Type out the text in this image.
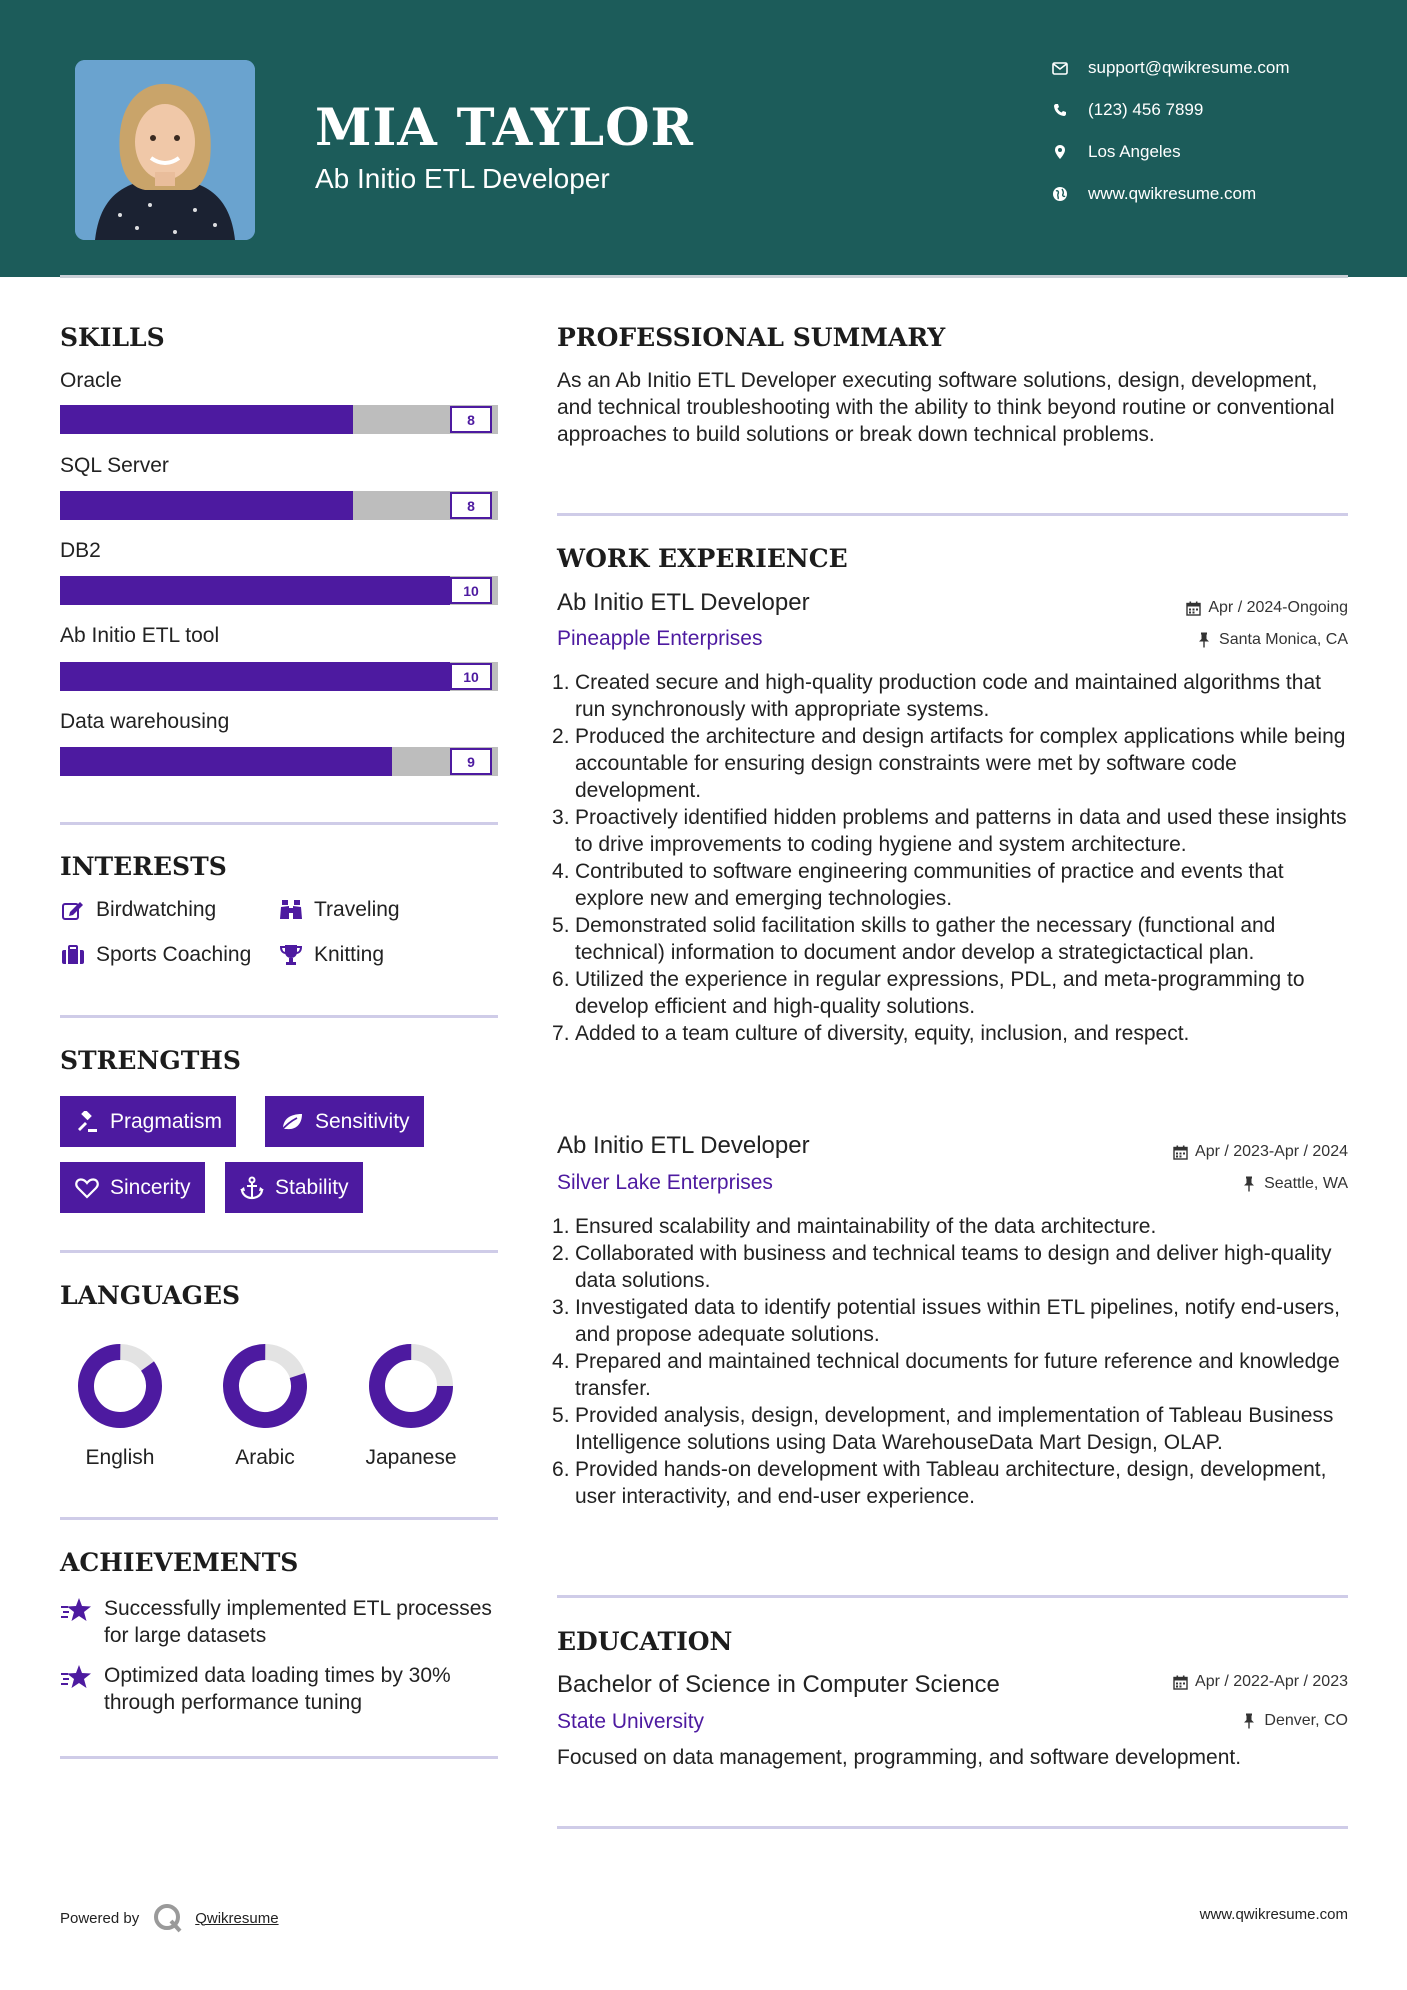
MIA TAYLOR
Ab Initio ETL Developer
support@qwikresume.com
(123) 456 7899
Los Angeles
www.qwikresume.com
SKILLS
Oracle
8
SQL Server
8
DB2
10
Ab Initio ETL tool
10
Data warehousing
9
INTERESTS
Birdwatching	Traveling
Sports Coaching	Knitting
STRENGTHS
Pragmatism	Sensitivity
Sincerity	Stability
LANGUAGES
English	Arabic	Japanese
ACHIEVEMENTS
Successfully implemented ETL processes for large datasets
Optimized data loading times by 30% through performance tuning
PROFESSIONAL SUMMARY
As an Ab Initio ETL Developer executing software solutions, design, development, and technical troubleshooting with the ability to think beyond routine or conventional approaches to build solutions or break down technical problems.
WORK EXPERIENCE
Ab Initio ETL Developer
Pineapple Enterprises
Apr / 2024-Ongoing
Santa Monica, CA
Created secure and high-quality production code and maintained algorithms that run synchronously with appropriate systems.
Produced the architecture and design artifacts for complex applications while being accountable for ensuring design constraints were met by software code development.
Proactively identified hidden problems and patterns in data and used these insights to drive improvements to coding hygiene and system architecture.
Contributed to software engineering communities of practice and events that explore new and emerging technologies.
Demonstrated solid facilitation skills to gather the necessary (functional and technical) information to document andor develop a strategictactical plan.
Utilized the experience in regular expressions, PDL, and meta-programming to develop efficient and high-quality solutions.
Added to a team culture of diversity, equity, inclusion, and respect.
Ab Initio ETL Developer
Silver Lake Enterprises
Apr / 2023-Apr / 2024
Seattle, WA
Ensured scalability and maintainability of the data architecture.
Collaborated with business and technical teams to design and deliver high-quality data solutions.
Investigated data to identify potential issues within ETL pipelines, notify end-users, and propose adequate solutions.
Prepared and maintained technical documents for future reference and knowledge transfer.
Provided analysis, design, development, and implementation of Tableau Business Intelligence solutions using Data WarehouseData Mart Design, OLAP.
Provided hands-on development with Tableau architecture, design, development, user interactivity, and end-user experience.
EDUCATION
Bachelor of Science in Computer Science
State University
Apr / 2022-Apr / 2023
Denver, CO
Focused on data management, programming, and software development.
Powered by	Qwikresume	www.qwikresume.com
